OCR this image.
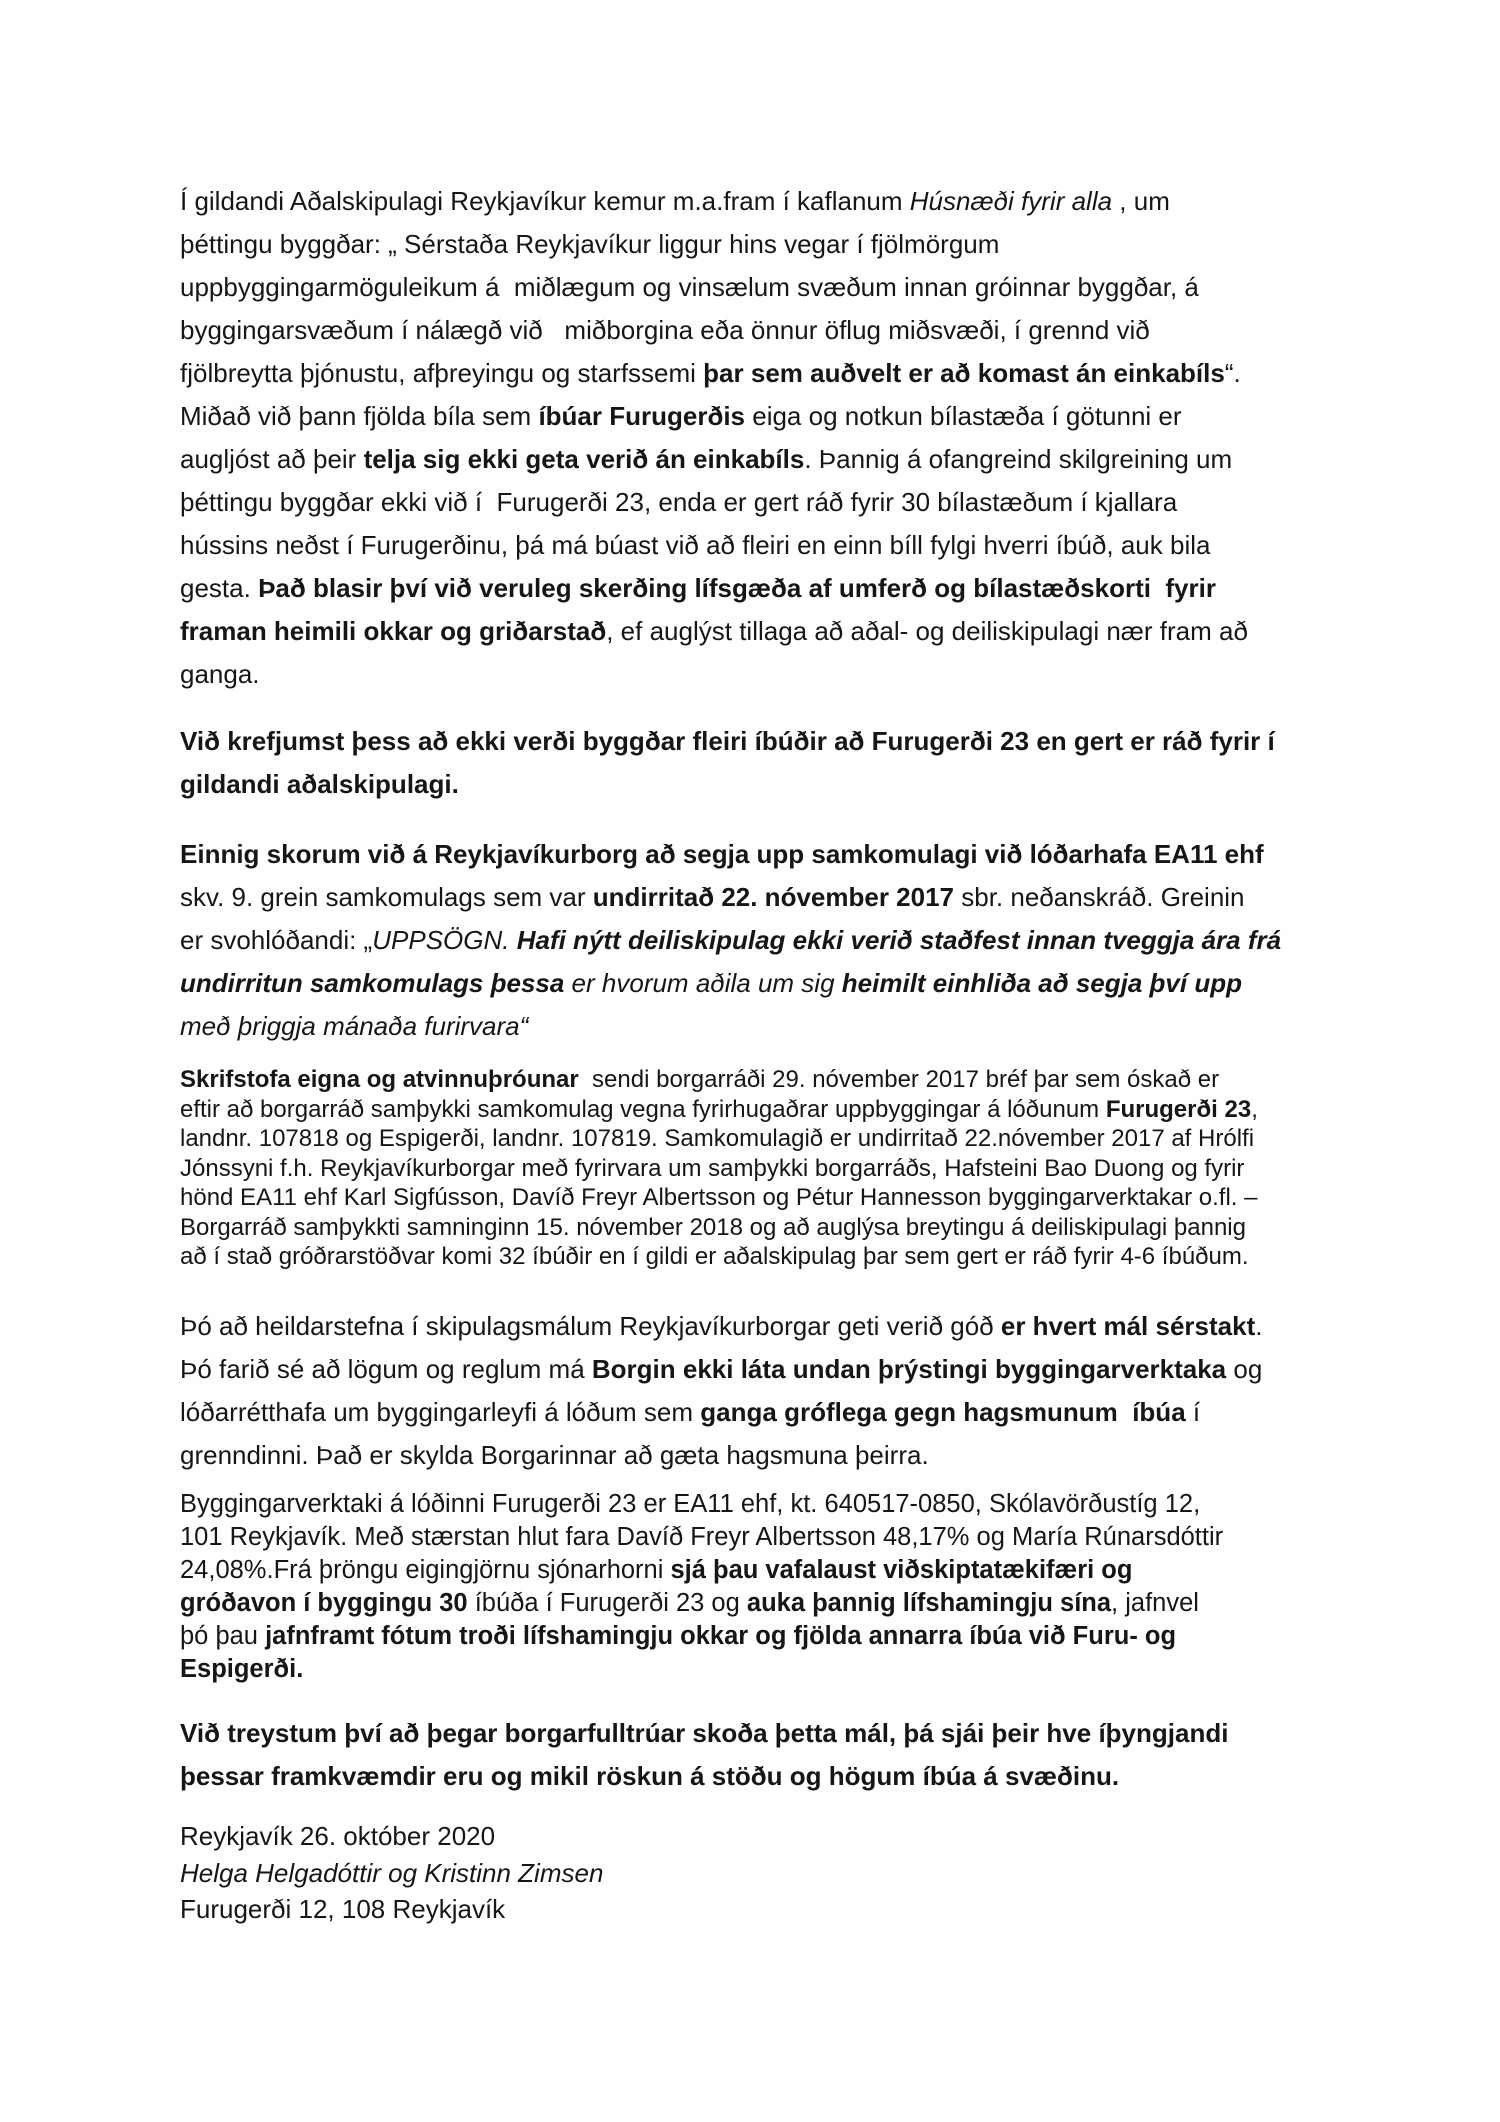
Í gildandi Aðalskipulagi Reykjavíkur kemur m.a.fram í kaflanum Húsnæði fyrir alla , um
þéttingu byggðar: „ Sérstaða Reykjavíkur liggur hins vegar í fjölmörgum
uppbyggingarmöguleikum á  miðlægum og vinsælum svæðum innan gróinnar byggðar, á
byggingarsvæðum í nálægð við   miðborgina eða önnur öflug miðsvæði, í grennd við
fjölbreytta þjónustu, afþreyingu og starfssemi þar sem auðvelt er að komast án einkabíls“.
Miðað við þann fjölda bíla sem íbúar Furugerðis eiga og notkun bílastæða í götunni er
augljóst að þeir telja sig ekki geta verið án einkabíls. Þannig á ofangreind skilgreining um
þéttingu byggðar ekki við í  Furugerði 23, enda er gert ráð fyrir 30 bílastæðum í kjallara
hússins neðst í Furugerðinu, þá má búast við að fleiri en einn bíll fylgi hverri íbúð, auk bila
gesta. Það blasir því við veruleg skerðing lífsgæða af umferð og bílastæðskorti  fyrir
framan heimili okkar og griðarstað, ef auglýst tillaga að aðal- og deiliskipulagi nær fram að
ganga.
Við krefjumst þess að ekki verði byggðar fleiri íbúðir að Furugerði 23 en gert er ráð fyrir í
gildandi aðalskipulagi.
Einnig skorum við á Reykjavíkurborg að segja upp samkomulagi við lóðarhafa EA11 ehf
skv. 9. grein samkomulags sem var undirritað 22. nóvember 2017 sbr. neðanskráð. Greinin
er svohlóðandi: „UPPSÖGN. Hafi nýtt deiliskipulag ekki verið staðfest innan tveggja ára frá
undirritun samkomulags þessa er hvorum aðila um sig heimilt einhliða að segja því upp
með þriggja mánaða furirvara“
Skrifstofa eigna og atvinnuþróunar  sendi borgarráði 29. nóvember 2017 bréf þar sem óskað er
eftir að borgarráð samþykki samkomulag vegna fyrirhugaðrar uppbyggingar á lóðunum Furugerði 23,
landnr. 107818 og Espigerði, landnr. 107819. Samkomulagið er undirritað 22.nóvember 2017 af Hrólfi
Jónssyni f.h. Reykjavíkurborgar með fyrirvara um samþykki borgarráðs, Hafsteini Bao Duong og fyrir
hönd EA11 ehf Karl Sigfússon, Davíð Freyr Albertsson og Pétur Hannesson byggingarverktakar o.fl. –
Borgarráð samþykkti samninginn 15. nóvember 2018 og að auglýsa breytingu á deiliskipulagi þannig
að í stað gróðrarstöðvar komi 32 íbúðir en í gildi er aðalskipulag þar sem gert er ráð fyrir 4-6 íbúðum.
Þó að heildarstefna í skipulagsmálum Reykjavíkurborgar geti verið góð er hvert mál sérstakt.
Þó farið sé að lögum og reglum má Borgin ekki láta undan þrýstingi byggingarverktaka og
lóðarrétthafa um byggingarleyfi á lóðum sem ganga gróflega gegn hagsmunum  íbúa í
grenndinni. Það er skylda Borgarinnar að gæta hagsmuna þeirra.
Byggingarverktaki á lóðinni Furugerði 23 er EA11 ehf, kt. 640517-0850, Skólavörðustíg 12,
101 Reykjavík. Með stærstan hlut fara Davíð Freyr Albertsson 48,17% og María Rúnarsdóttir
24,08%.Frá þröngu eigingjörnu sjónarhorni sjá þau vafalaust viðskiptatækifæri og
gróðavon í byggingu 30 íbúða í Furugerði 23 og auka þannig lífshamingju sína, jafnvel
þó þau jafnframt fótum troði lífshamingju okkar og fjölda annarra íbúa við Furu- og
Espigerði.
Við treystum því að þegar borgarfulltrúar skoða þetta mál, þá sjái þeir hve íþyngjandi
þessar framkvæmdir eru og mikil röskun á stöðu og högum íbúa á svæðinu.
Reykjavík 26. október 2020
Helga Helgadóttir og Kristinn Zimsen
Furugerði 12, 108 Reykjavík
